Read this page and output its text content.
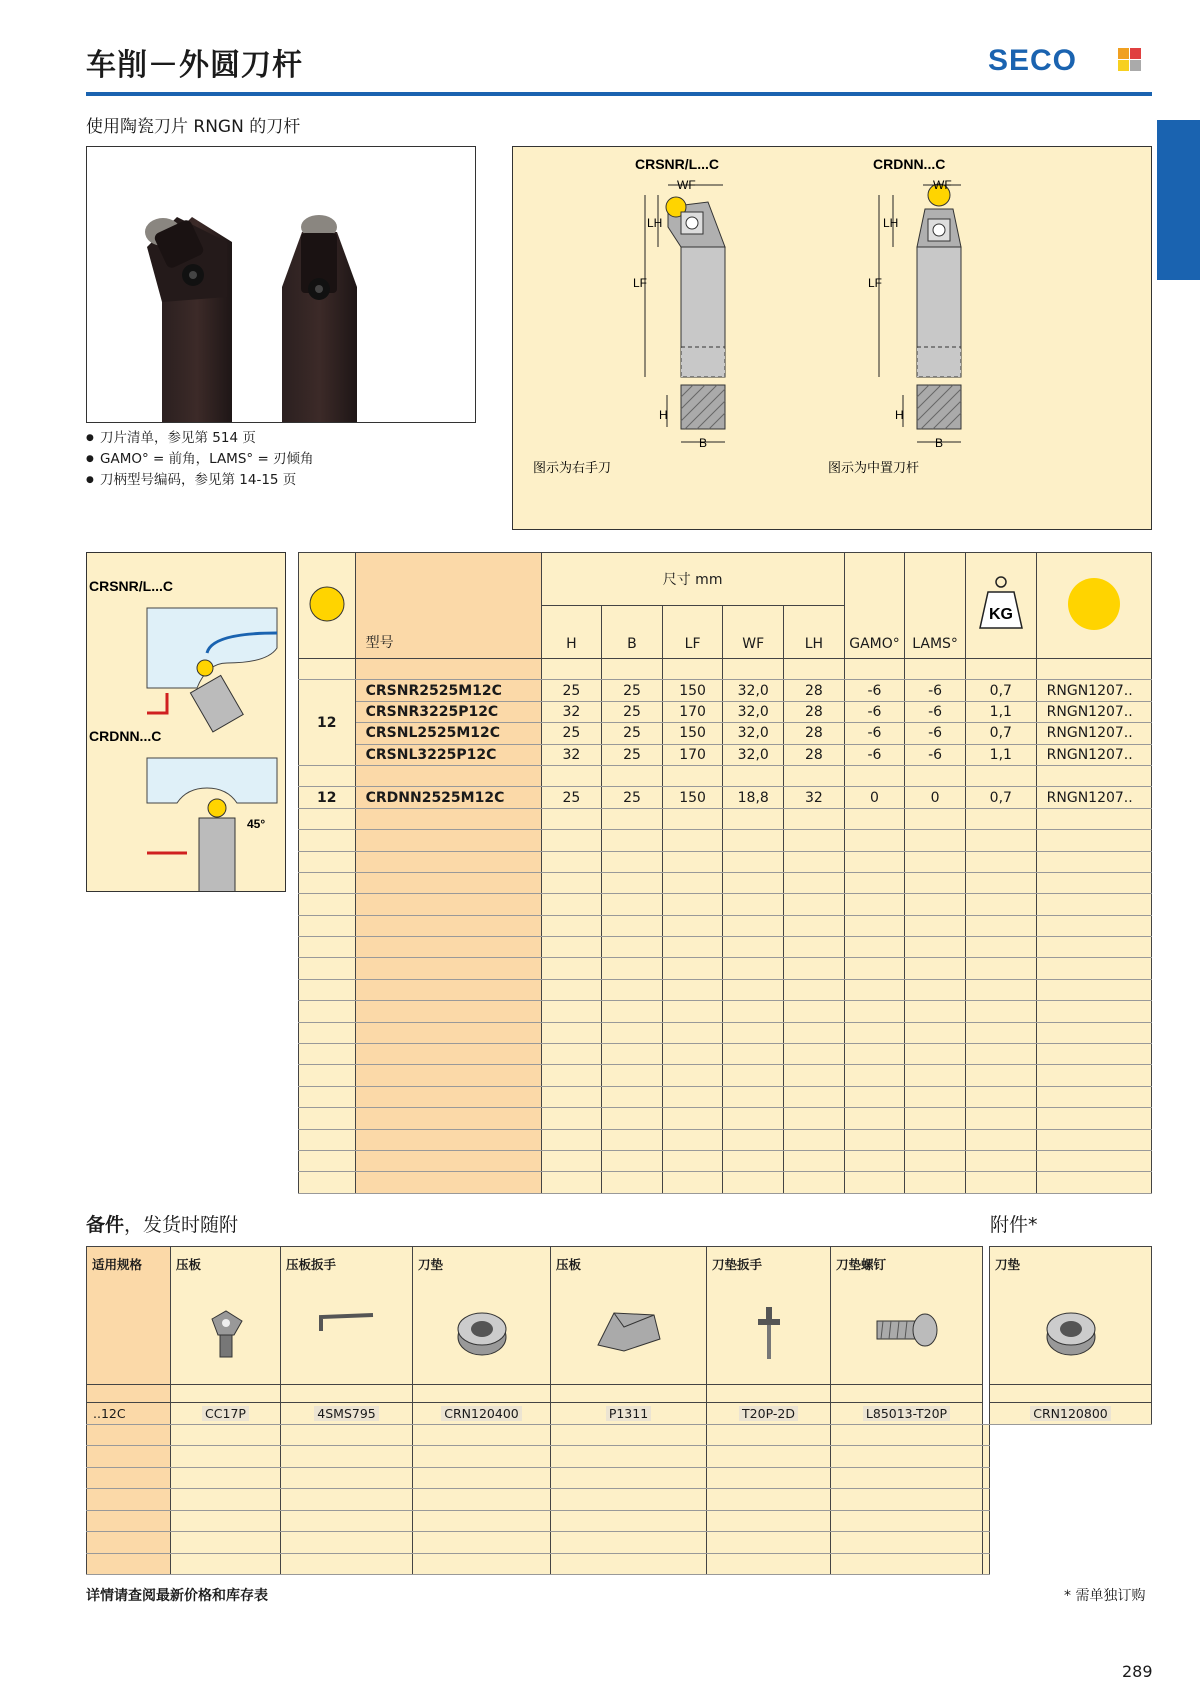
车削－外圆刀杆	SECO
使用陶瓷刀片 RNGN 的刀杆
● 刀片清单，参见第 514 页
● GAMO° = 前角，LAMS° = 刃倾角
● 刀柄型号编码，参见第 14-15 页
CRSNR/L...C
WF
LH
LF
H
B
图示为右手刀
CRDNN...C
WF
LH
LF
H
B
图示为中置刀杆
CRSNR/L...C
CRDNN...C
45°
	型号	尺寸 mm					GAMO°	LAMS°	KG

		H	B	LF	WF	LH				

12	CRSNR2525M12C	25	25	150	32,0	28	-6	-6	0,7	RNGN1207..
	CRSNR3225P12C	32	25	170	32,0	28	-6	-6	1,1	RNGN1207..
	CRSNL2525M12C	25	25	150	32,0	28	-6	-6	0,7	RNGN1207..
	CRSNL3225P12C	32	25	170	32,0	28	-6	-6	1,1	RNGN1207..

12	CRDNN2525M12C	25	25	150	18,8	32	0	0	0,7	RNGN1207..

备件，发货时随附	附件*
适用规格	压板	压板扳手	刀垫	压板	刀垫扳手	刀垫螺钉		刀垫

..12C	CC17P	4SMS795	CRN120400	P1311	T20P-2D	L85013-T20P		CRN120800

详情请查阅最新价格和库存表	* 需单独订购
289
